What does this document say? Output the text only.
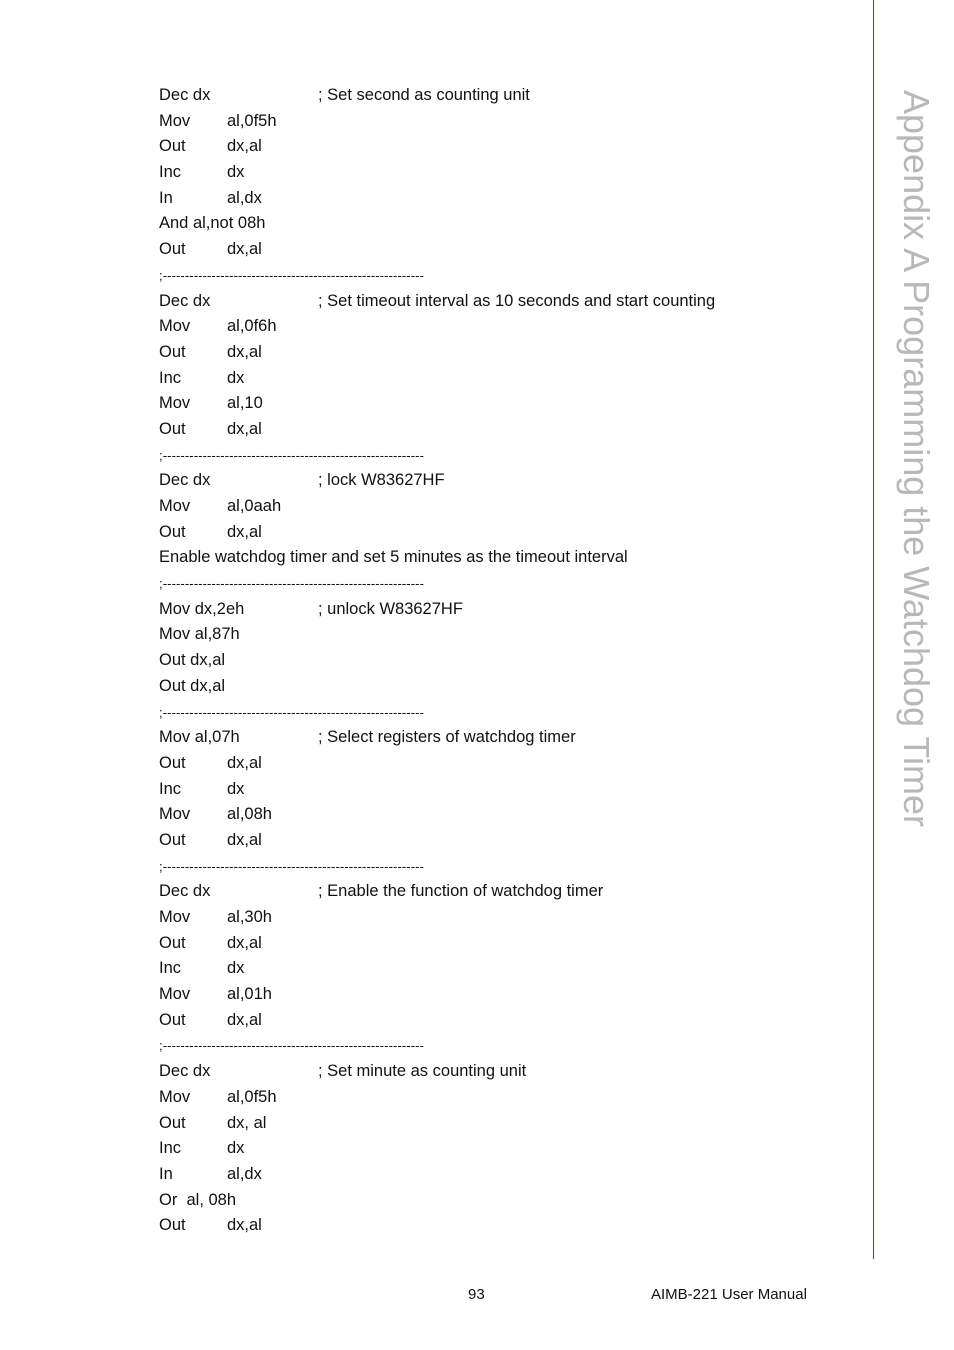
Appendix A Programming the Watchdog Timer
Dec dx	; Set second as counting unit
Mov al,0f5h
Out	dx,al
Inc	dx
In	al,dx
And al,not 08h
Out	dx,al
;-----------------------------------------------------------
Dec dx	; Set timeout interval as 10 seconds and start counting
Mov al,0f6h
Out	dx,al
Inc	dx
Mov al,10
Out	dx,al
;-----------------------------------------------------------
Dec dx	; lock W83627HF
Mov al,0aah
Out	dx,al
Enable watchdog timer and set 5 minutes as the timeout interval
;-----------------------------------------------------------
Mov dx,2eh	; unlock W83627HF
Mov al,87h
Out dx,al
Out dx,al
;-----------------------------------------------------------
Mov al,07h	; Select registers of watchdog timer
Out	dx,al
Inc	dx
Mov al,08h
Out	dx,al
;-----------------------------------------------------------
Dec dx	; Enable the function of watchdog timer
Mov al,30h
Out	dx,al
Inc	dx
Mov al,01h
Out	dx,al
;-----------------------------------------------------------
Dec dx	; Set minute as counting unit
Mov al,0f5h
Out	dx, al
Inc	dx
In	al,dx
Or  al, 08h
Out	dx,al
93	AIMB-221 User Manual
